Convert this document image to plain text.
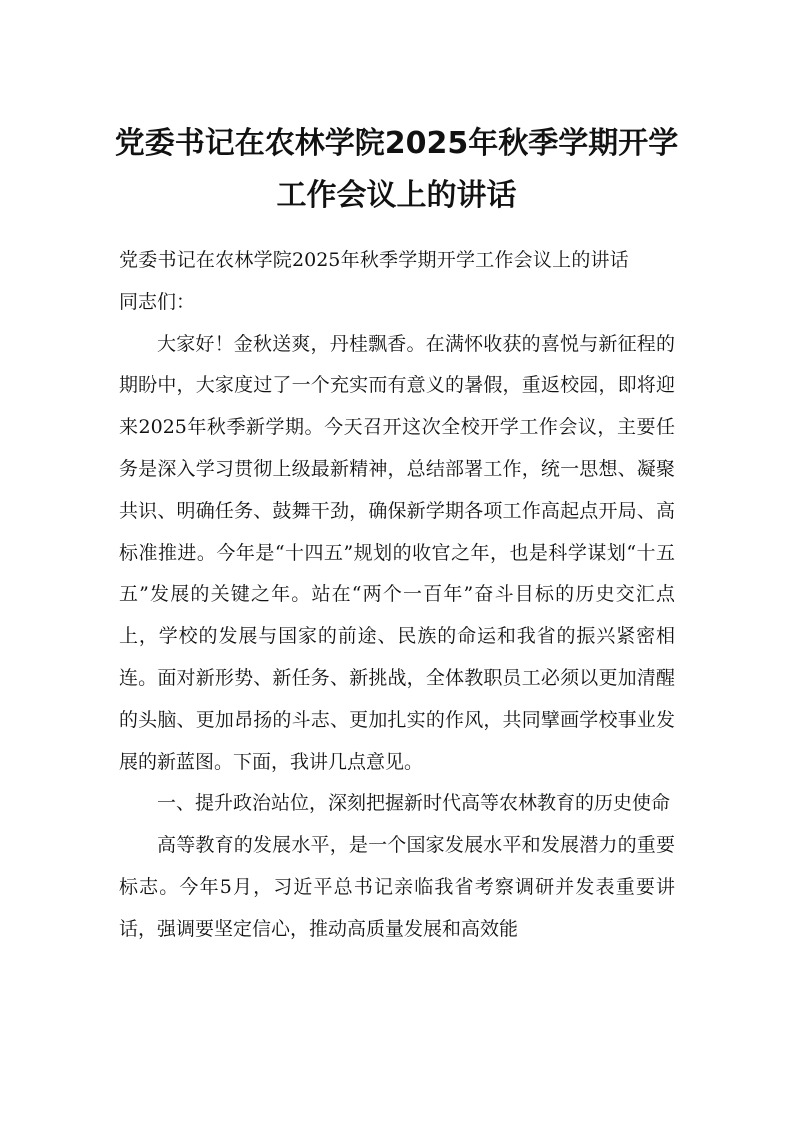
党委书记在农林学院2025年秋季学期开学
工作会议上的讲话

党委书记在农林学院2025年秋季学期开学工作会议上的讲话同志们：

大家好！金秋送爽，丹桂飘香。在满怀收获的喜悦与新征程的期盼中，大家度过了一个充实而有意义的暑假，重返校园，即将迎来2025年秋季新学期。今天召开这次全校开学工作会议，主要任务是深入学习贯彻上级最新精神，总结部署工作，统一思想、凝聚共识、明确任务、鼓舞干劲，确保新学期各项工作高起点开局、高标准推进。今年是“十四五”规划的收官之年，也是科学谋划“十五五”发展的关键之年。站在“两个一百年”奋斗目标的历史交汇点上，学校的发展与国家的前途、民族的命运和我省的振兴紧密相连。面对新形势、新任务、新挑战，全体教职员工必须以更加清醒的头脑、更加昂扬的斗志、更加扎实的作风，共同擘画学校事业发展的新蓝图。下面，我讲几点意见。

一、提升政治站位，深刻把握新时代高等农林教育的历史使命

高等教育的发展水平，是一个国家发展水平和发展潜力的重要标志。今年5月，习近平总书记亲临我省考察调研并发表重要讲话，强调要坚定信心，推动高质量发展和高效能
